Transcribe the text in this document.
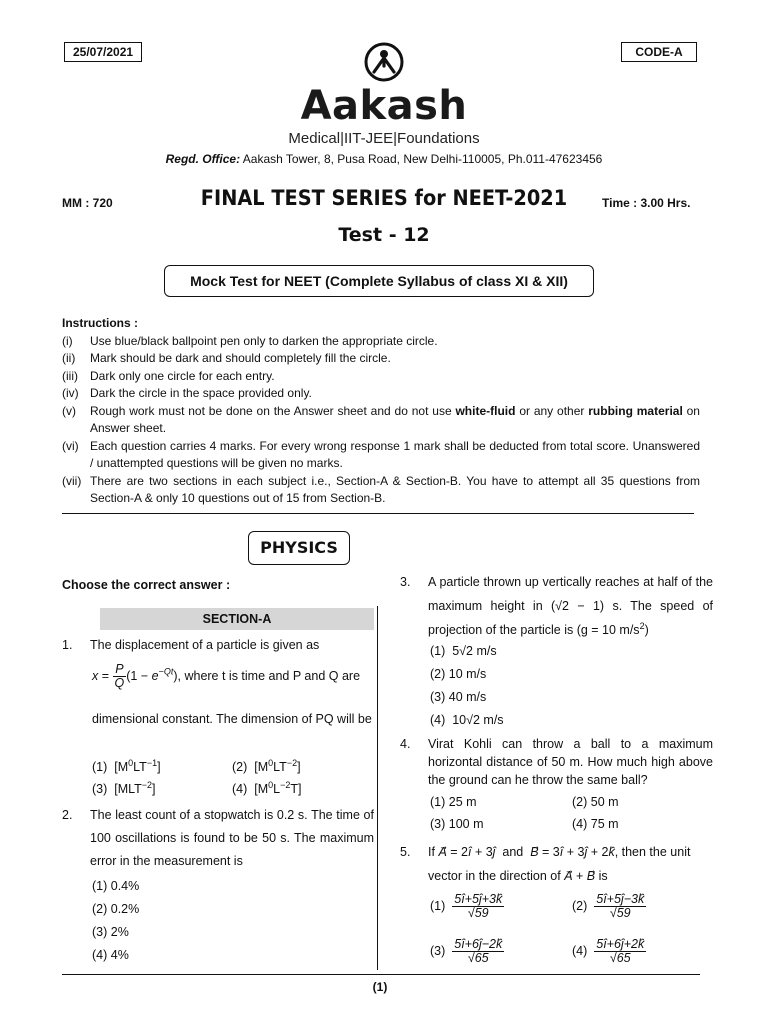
25/07/2021	CODE-A
Aakash
Medical|IIT-JEE|Foundations
Regd. Office: Aakash Tower, 8, Pusa Road, New Delhi-110005, Ph.011-47623456
MM : 720	FINAL TEST SERIES for NEET-2021	Time : 3.00 Hrs.
Test - 12
Mock Test for NEET (Complete Syllabus of class XI & XII)
Instructions :
(i)	Use blue/black ballpoint pen only to darken the appropriate circle.
(ii)	Mark should be dark and should completely fill the circle.
(iii)	Dark only one circle for each entry.
(iv) Dark the circle in the space provided only.
(v)	Rough work must not be done on the Answer sheet and do not use white-fluid or any other rubbing material on Answer sheet.
(vi) Each question carries 4 marks. For every wrong response 1 mark shall be deducted from total score. Unanswered / unattempted questions will be given no marks.
(vii) There are two sections in each subject i.e., Section-A & Section-B. You have to attempt all 35 questions from Section-A & only 10 questions out of 15 from Section-B.
PHYSICS
Choose the correct answer :
SECTION-A
1.	The displacement of a particle is given as
$x = \frac{P}{Q} (1 - e^{-Qt})$, where t is time and P and Q are
dimensional constant. The dimension of PQ will be
(1)  $[M^0LT^{-1}]$	(2)  $[M^0LT^{-2}]$
(3)  $[MLT^{-2}]$	(4)  $[M^0L^{-2}T]$
2.	The least count of a stopwatch is 0.2 s. The time of 100 oscillations is found to be 50 s. The maximum error in the measurement is
(1) 0.4%
(2) 0.2%
(3) 2%
(4) 4%
3.	A particle thrown up vertically reaches at half of the maximum height in (√2 − 1) s. The speed of projection of the particle is (g = 10 $m/s^2$)
(1)  5√2 m/s
(2) 10 m/s
(3) 40 m/s
(4)  10√2 m/s
4.	Virat Kohli can throw a ball to a maximum horizontal distance of 50 m. How much high above the ground can he throw the same ball?
(1) 25 m	(2) 50 m
(3) 100 m	(4) 75 m
5.	If A⃗ = 2î + 3ĵ and B⃗ = 3î + 3ĵ + 2k̂, then the unit
vector in the direction of A⃗ + B⃗ is
$(1) \frac{5î+5ĵ+3k̂}{√59}$	$(2) \frac{5î+5ĵ-3k̂}{√59}$
$(3) \frac{5î+6ĵ-2k̂}{√65}$	$(4) \frac{5î+6ĵ+2k̂}{√65}$
(1)
